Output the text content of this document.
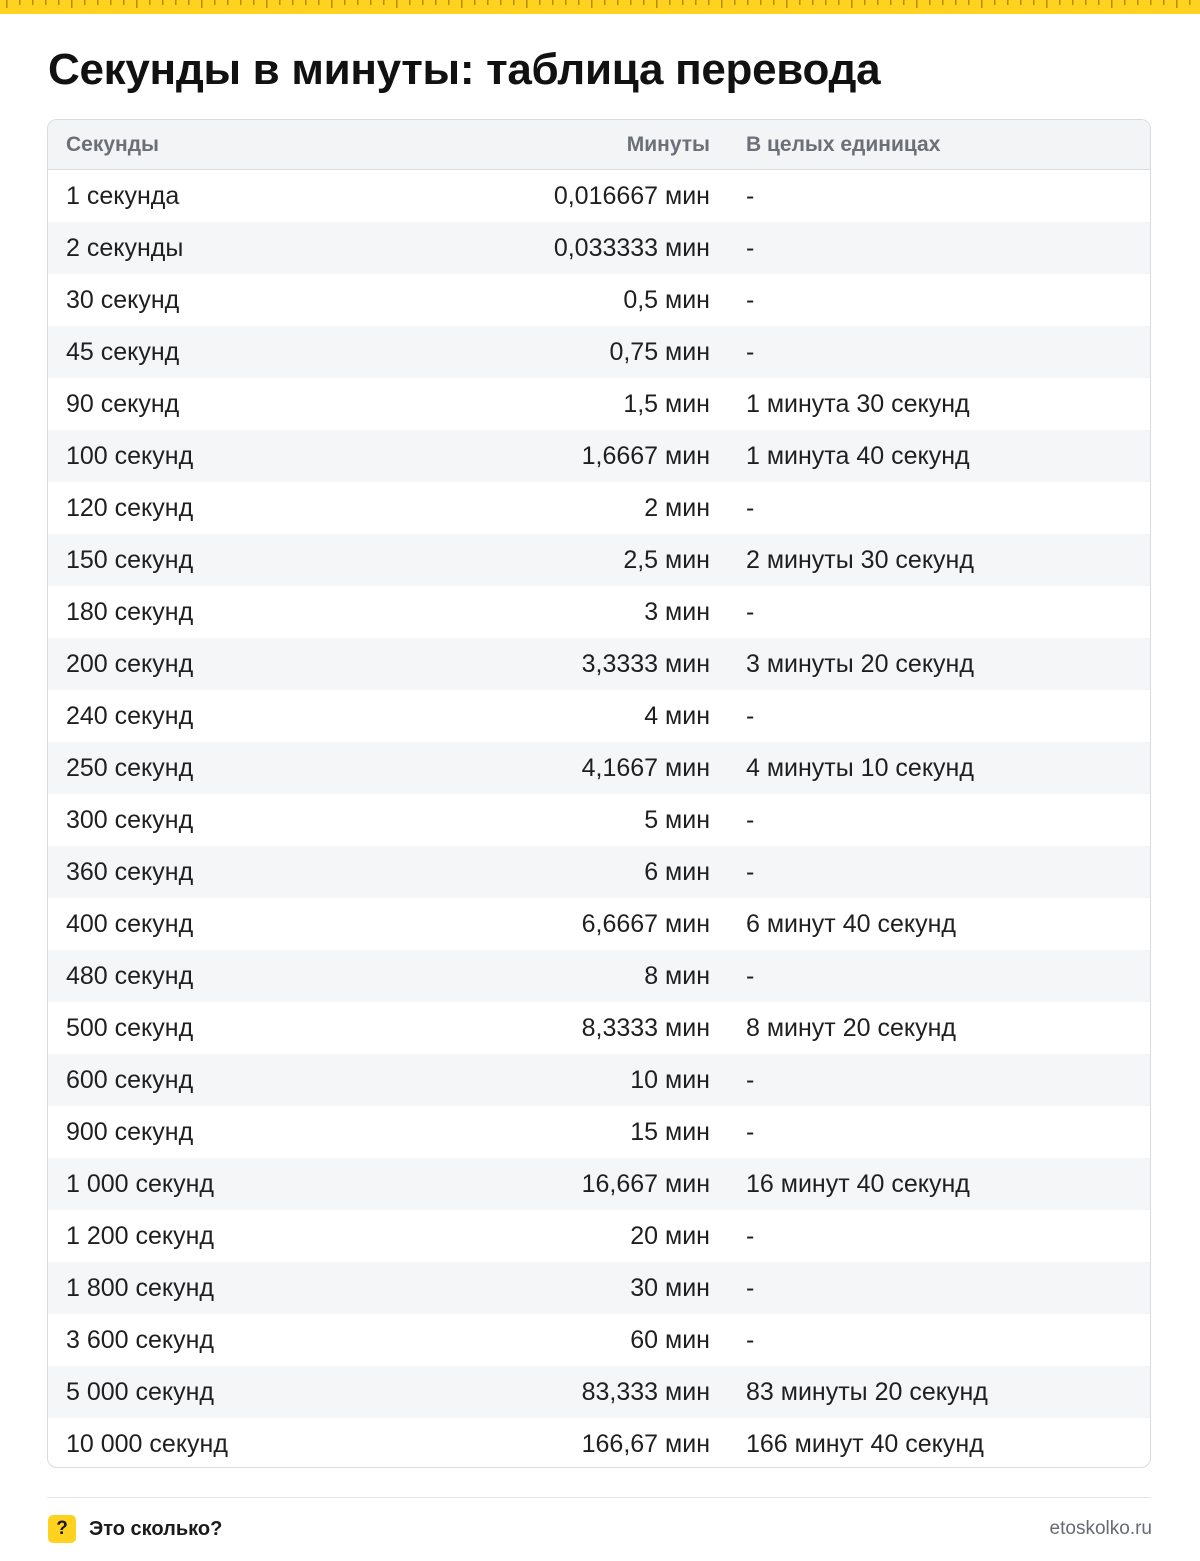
Секунды в минуты: таблица перевода
Секунды	Минуты	В целых единицах
1 секунда	0,016667 мин	-
2 секунды	0,033333 мин	-
30 секунд	0,5 мин	-
45 секунд	0,75 мин	-
90 секунд	1,5 мин	1 минута 30 секунд
100 секунд	1,6667 мин	1 минута 40 секунд
120 секунд	2 мин	-
150 секунд	2,5 мин	2 минуты 30 секунд
180 секунд	3 мин	-
200 секунд	3,3333 мин	3 минуты 20 секунд
240 секунд	4 мин	-
250 секунд	4,1667 мин	4 минуты 10 секунд
300 секунд	5 мин	-
360 секунд	6 мин	-
400 секунд	6,6667 мин	6 минут 40 секунд
480 секунд	8 мин	-
500 секунд	8,3333 мин	8 минут 20 секунд
600 секунд	10 мин	-
900 секунд	15 мин	-
1 000 секунд	16,667 мин	16 минут 40 секунд
1 200 секунд	20 мин	-
1 800 секунд	30 мин	-
3 600 секунд	60 мин	-
5 000 секунд	83,333 мин	83 минуты 20 секунд
10 000 секунд	166,67 мин	166 минут 40 секунд
?	Это сколько?	etoskolko.ru
